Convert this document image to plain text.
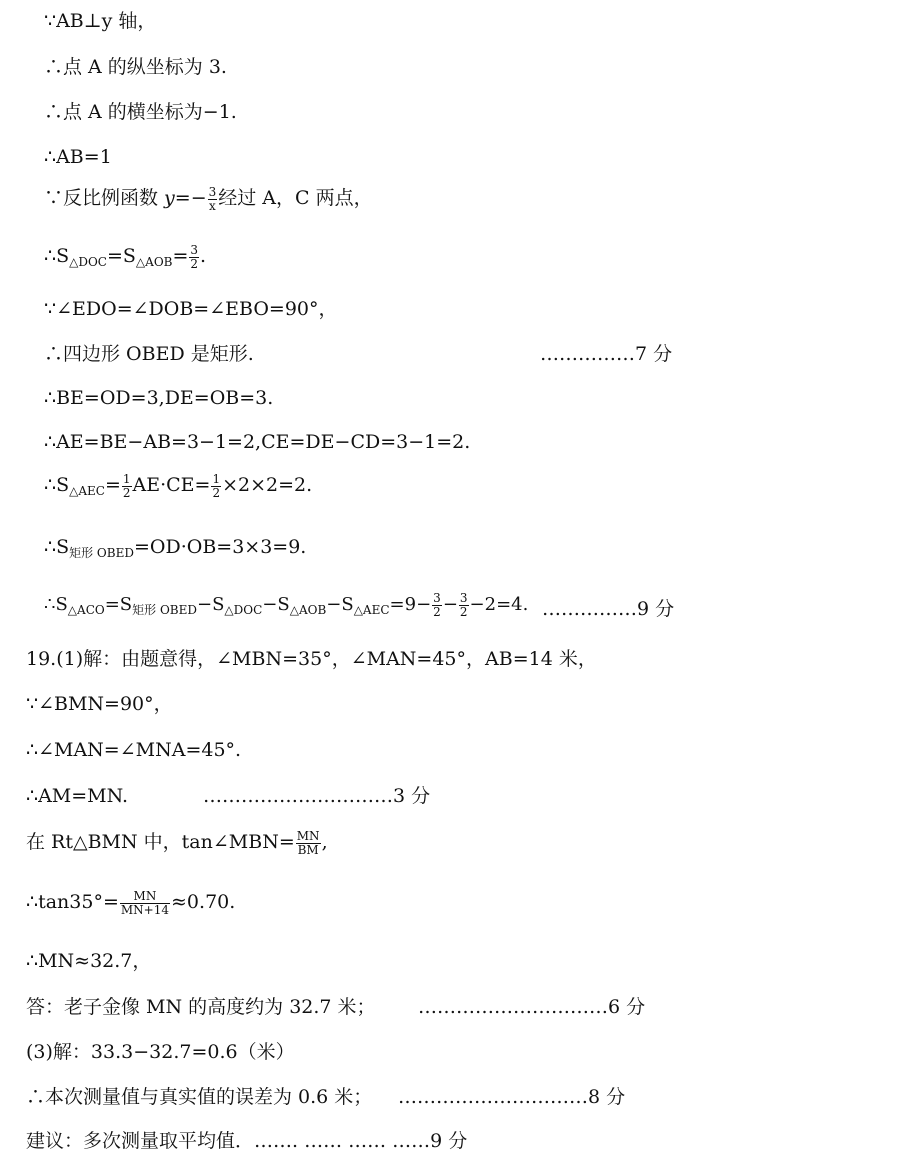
∵AB⊥y 轴，
∴点 A 的纵坐标为 3.
∴点 A 的横坐标为−1.
∴AB=1
∵反比例函数 $y=- \frac{3}{x}$ 经过 A，C 两点，
$\therefore S_{\triangle DOC}=S_{\triangle AOB}= \frac{3}{2}$ .
∵∠EDO=∠DOB=∠EBO=90°，
∴四边形 OBED 是矩形.	……………7 分
∴BE=OD=3,DE=OB=3.
∴AE=BE−AB=3−1=2,CE=DE−CD=3−1=2.
$\therefore S_{\triangle AEC}= \frac{1}{2} AE\cdot CE= \frac{1}{2} \times 2\times 2=2$.
$\therefore S_{矩形 OBED}=OD\cdot OB=3\times 3=9$.
$\therefore S_{\triangle ACO}=S_{矩形 OBED}-S_{\triangle DOC}-S_{\triangle AOB}-S_{\triangle AEC}=9- \frac{3}{2} - \frac{3}{2} -2=4$. ……………9 分
19.(1)解：由题意得，∠MBN=35°，∠MAN=45°，AB=14 米，
∵∠BMN=90°，
∴∠MAN=∠MNA=45°.
∴AM=MN.	…………………………3 分
在 Rt△BMN 中，tan∠MBN= $\frac{MN}{BM}$ ,
∴tan35°= $\frac{MN}{MN+14} \approx 0.70$.
∴MN≈32.7，
答：老子金像 MN 的高度约为 32.7 米； …………………………6 分
(3)解：33.3−32.7=0.6（米）
∴本次测量值与真实值的误差为 0.6 米； …………………………8 分
建议：多次测量取平均值．……. …… …… ……9 分
